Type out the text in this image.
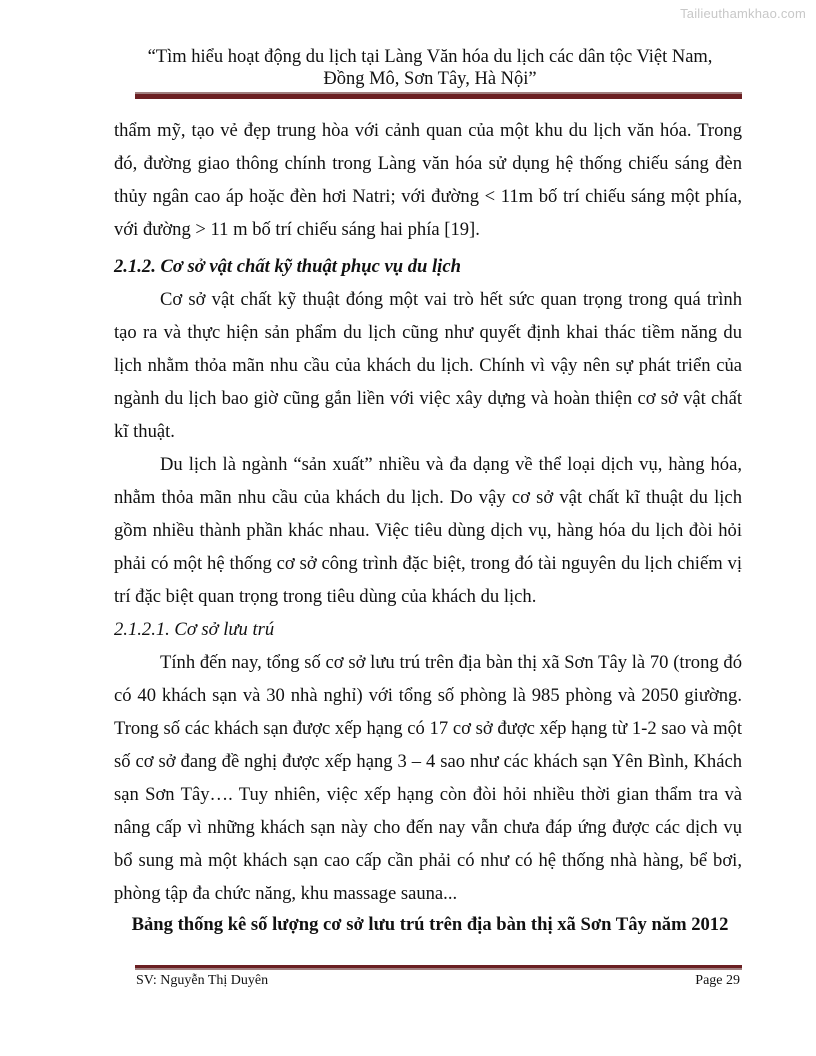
Tailieuthamkhao.com
“Tìm hiểu hoạt động du lịch tại Làng Văn hóa du lịch các dân tộc Việt Nam,
Đồng Mô, Sơn Tây, Hà Nội”

thẩm mỹ, tạo vẻ đẹp trung hòa với cảnh quan của một khu du lịch văn hóa. Trong đó, đường giao thông chính trong Làng văn hóa sử dụng hệ thống chiếu sáng đèn thủy ngân cao áp hoặc đèn hơi Natri; với đường < 11m bố trí chiếu sáng một phía, với đường > 11 m bố trí chiếu sáng hai phía [19].

2.1.2. Cơ sở vật chất kỹ thuật phục vụ du lịch

Cơ sở vật chất kỹ thuật đóng một vai trò hết sức quan trọng trong quá trình tạo ra và thực hiện sản phẩm du lịch cũng như quyết định khai thác tiềm năng du lịch nhằm thỏa mãn nhu cầu của khách du lịch. Chính vì vậy nên sự phát triển của ngành du lịch bao giờ cũng gắn liền với việc xây dựng và hoàn thiện cơ sở vật chất kĩ thuật.

Du lịch là ngành “sản xuất” nhiều và đa dạng về thể loại dịch vụ, hàng hóa, nhằm thỏa mãn nhu cầu của khách du lịch. Do vậy cơ sở vật chất kĩ thuật du lịch gồm nhiều thành phần khác nhau. Việc tiêu dùng dịch vụ, hàng hóa du lịch đòi hỏi phải có một hệ thống cơ sở công trình đặc biệt, trong đó tài nguyên du lịch chiếm vị trí đặc biệt quan trọng trong tiêu dùng của khách du lịch.

2.1.2.1. Cơ sở lưu trú

Tính đến nay, tổng số cơ sở lưu trú trên địa bàn thị xã Sơn Tây là 70 (trong đó có 40 khách sạn và 30 nhà nghỉ) với tổng số phòng là 985 phòng và 2050 giường. Trong số các khách sạn được xếp hạng có 17 cơ sở được xếp hạng từ 1-2 sao và một số cơ sở đang đề nghị được xếp hạng 3 – 4 sao như các khách sạn Yên Bình, Khách sạn Sơn Tây…. Tuy nhiên, việc xếp hạng còn đòi hỏi nhiều thời gian thẩm tra và nâng cấp vì những khách sạn này cho đến nay vẫn chưa đáp ứng được các dịch vụ bổ sung mà một khách sạn cao cấp cần phải có như có hệ thống nhà hàng, bể bơi, phòng tập đa chức năng, khu massage sauna...

Bảng thống kê số lượng cơ sở lưu trú trên địa bàn thị xã Sơn Tây năm 2012
SV: Nguyễn Thị Duyên	Page 29
